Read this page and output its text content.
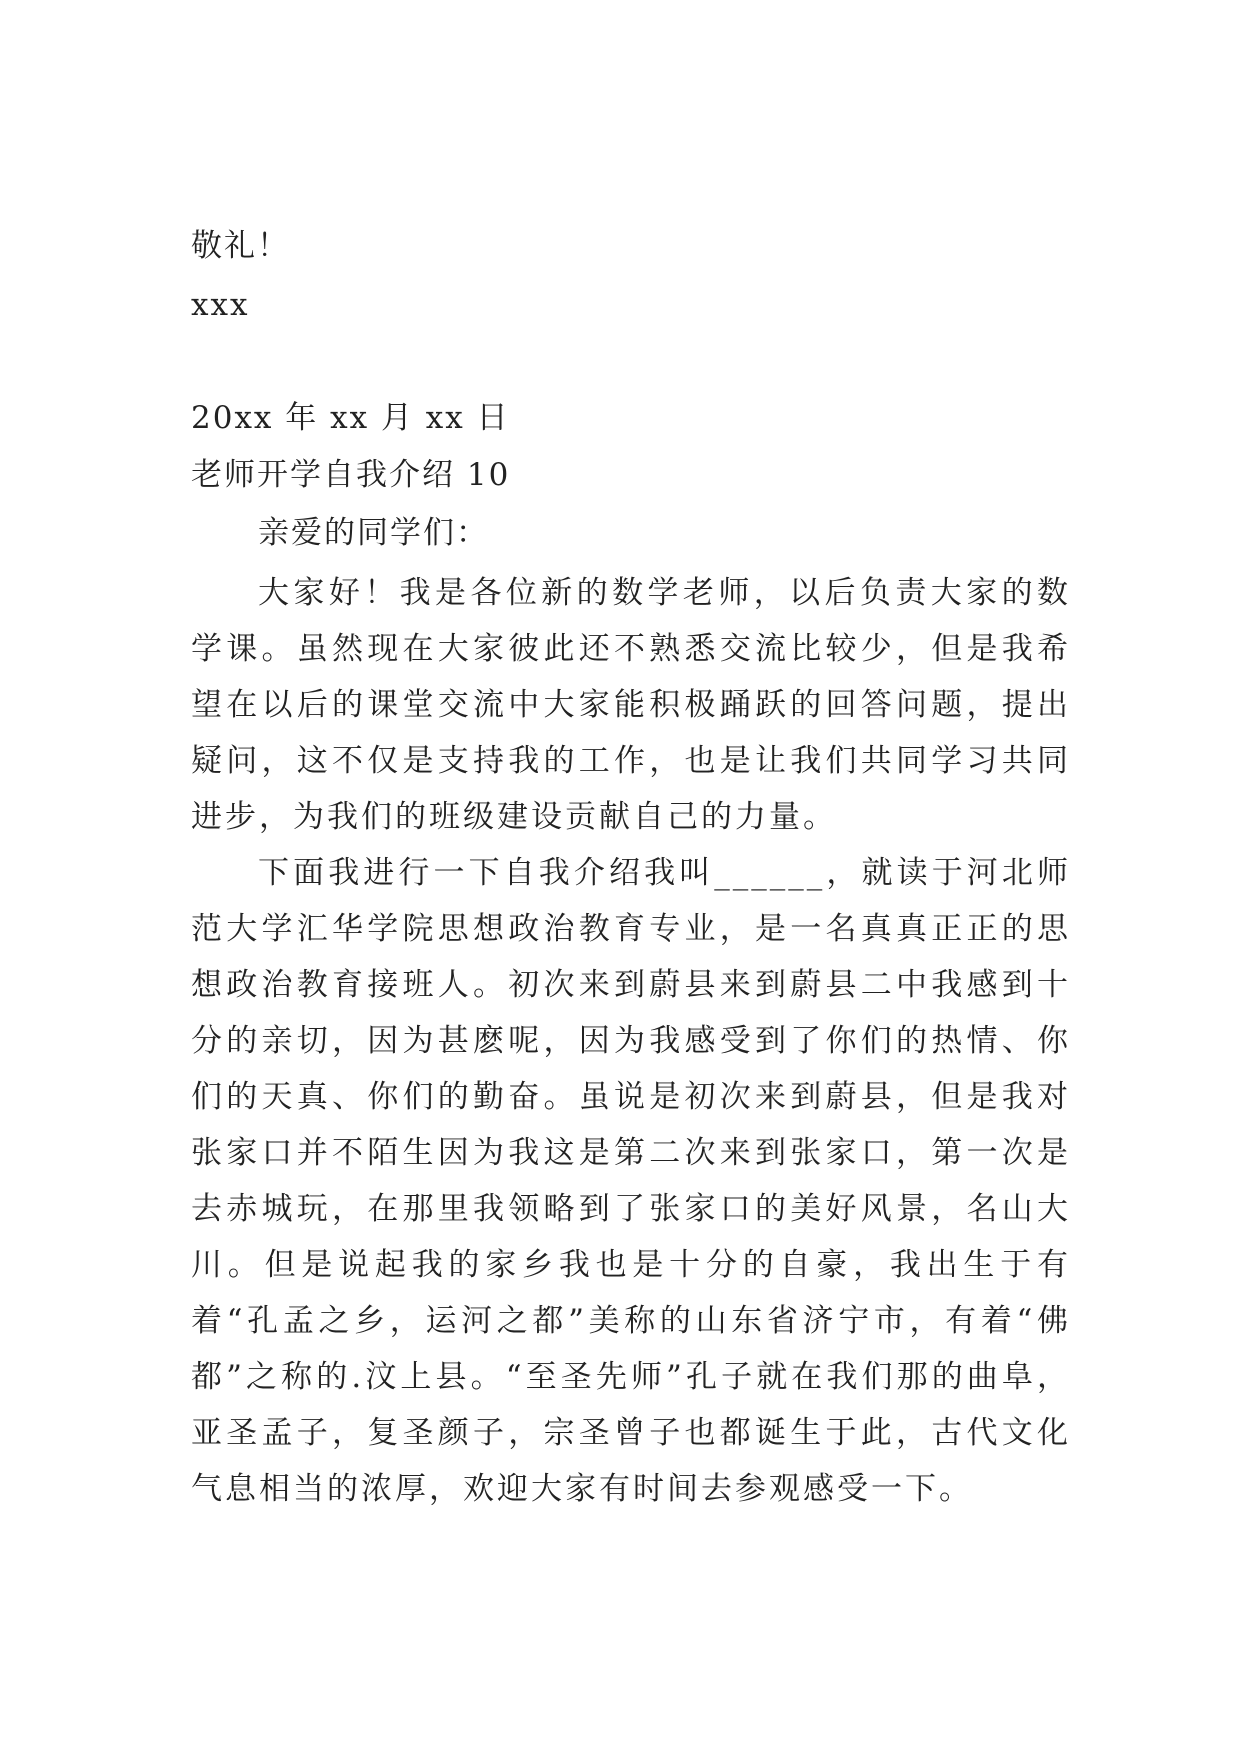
敬礼！
xxx
20xx 年 xx 月 xx 日
老师开学自我介绍 10
亲爱的同学们：
大家好！我是各位新的数学老师，以后负责大家的数学课。虽然现在大家彼此还不熟悉交流比较少，但是我希望在以后的课堂交流中大家能积极踊跃的回答问题，提出疑问，这不仅是支持我的工作，也是让我们共同学习共同进步，为我们的班级建设贡献自己的力量。
下面我进行一下自我介绍我叫______，就读于河北师范大学汇华学院思想政治教育专业，是一名真真正正的思想政治教育接班人。初次来到蔚县来到蔚县二中我感到十分的亲切，因为甚麽呢，因为我感受到了你们的热情、你们的天真、你们的勤奋。虽说是初次来到蔚县，但是我对张家口并不陌生因为我这是第二次来到张家口，第一次是去赤城玩，在那里我领略到了张家口的美好风景，名山大川。但是说起我的家乡我也是十分的自豪，我出生于有着“孔孟之乡，运河之都”美称的山东省济宁市，有着“佛都”之称的.汶上县。“至圣先师”孔子就在我们那的曲阜，亚圣孟子，复圣颜子，宗圣曾子也都诞生于此，古代文化气息相当的浓厚，欢迎大家有时间去参观感受一下。
